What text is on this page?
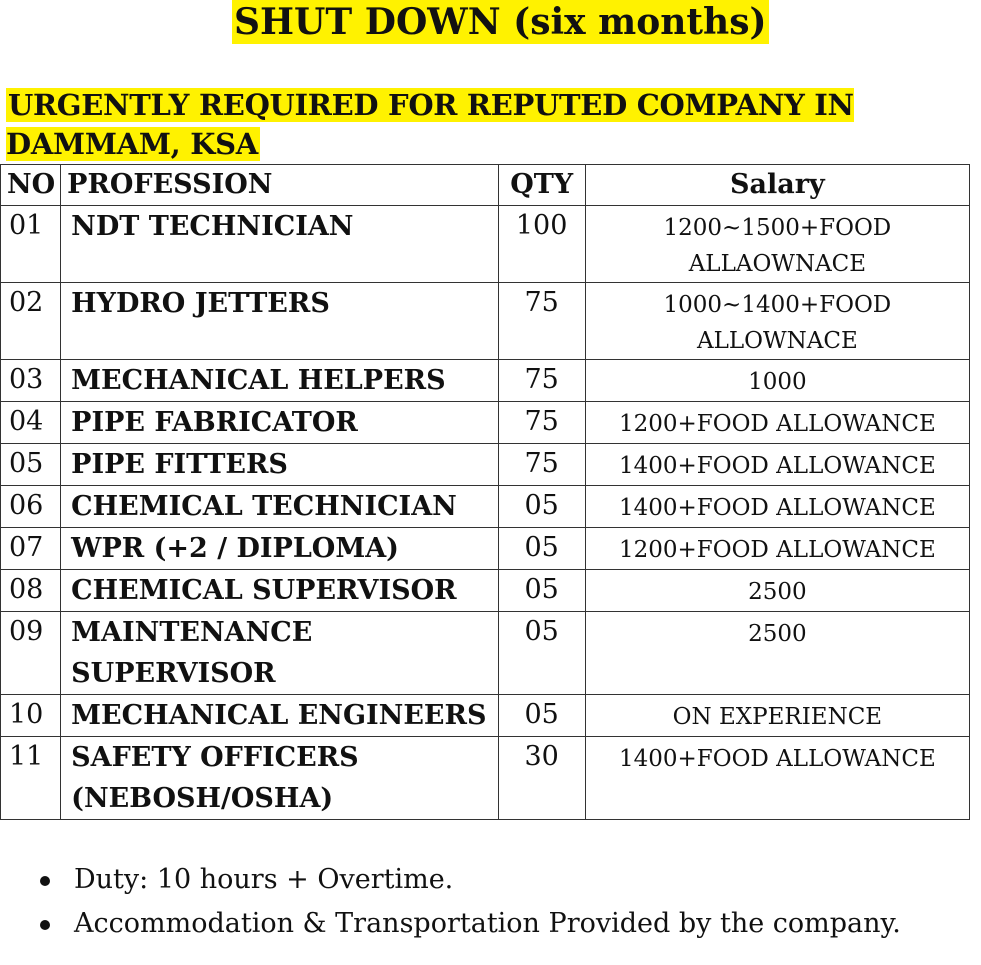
SHUT DOWN (six months)
URGENTLY REQUIRED FOR REPUTED COMPANY IN DAMMAM, KSA
NO	PROFESSION	QTY	Salary
01	NDT TECHNICIAN	100	1200~1500+FOOD ALLAOWNACE
02	HYDRO JETTERS	75	1000~1400+FOOD ALLOWNACE
03	MECHANICAL HELPERS	75	1000
04	PIPE FABRICATOR	75	1200+FOOD ALLOWANCE
05	PIPE FITTERS	75	1400+FOOD ALLOWANCE
06	CHEMICAL TECHNICIAN	05	1400+FOOD ALLOWANCE
07	WPR (+2 / DIPLOMA)	05	1200+FOOD ALLOWANCE
08	CHEMICAL SUPERVISOR	05	2500
09	MAINTENANCE SUPERVISOR	05	2500
10	MECHANICAL ENGINEERS	05	ON EXPERIENCE
11	SAFETY OFFICERS (NEBOSH/OSHA)	30	1400+FOOD ALLOWANCE
Duty: 10 hours + Overtime.
Accommodation & Transportation Provided by the company.
